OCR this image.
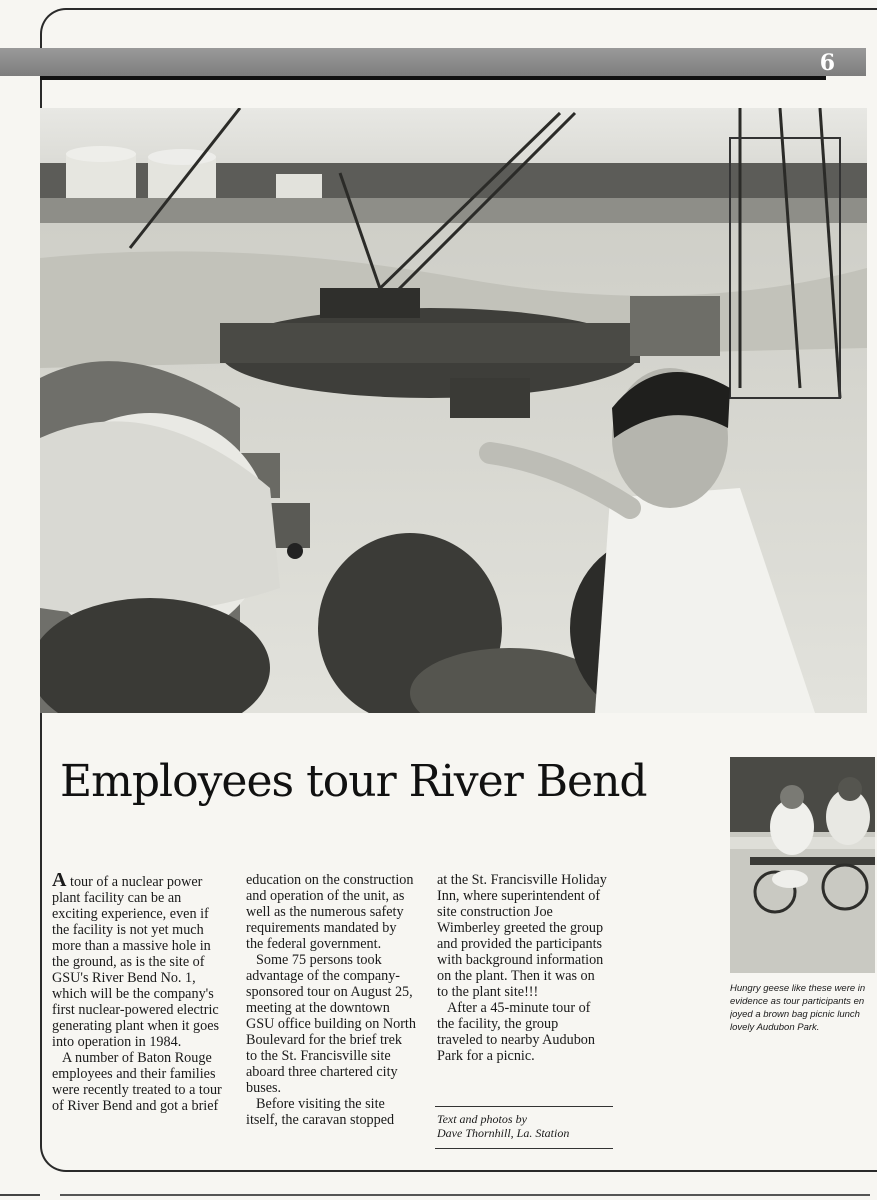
6
Employees tour River Bend

A tour of a nuclear power plant facility can be an exciting experience, even if the facility is not yet much more than a massive hole in the ground, as is the site of GSU's River Bend No. 1, which will be the company's first nuclear-powered electric generating plant when it goes into operation in 1984.

A number of Baton Rouge employees and their families were recently treated to a tour of River Bend and got a brief

education on the construction and operation of the unit, as well as the numerous safety requirements mandated by the federal government.

Some 75 persons took advantage of the company-sponsored tour on August 25, meeting at the downtown GSU office building on North Boulevard for the brief trek to the St. Francisville site aboard three chartered city buses.

Before visiting the site itself, the caravan stopped

at the St. Francisville Holiday Inn, where superintendent of site construction Joe Wimberley greeted the group and provided the participants with background information on the plant. Then it was on to the plant site!!!

After a 45-minute tour of the facility, the group traveled to nearby Audubon Park for a picnic.

Text and photos by
Dave Thornhill, La. Station
Hungry geese like these were in
evidence as tour participants en
joyed a brown bag picnic lunch
lovely Audubon Park.
